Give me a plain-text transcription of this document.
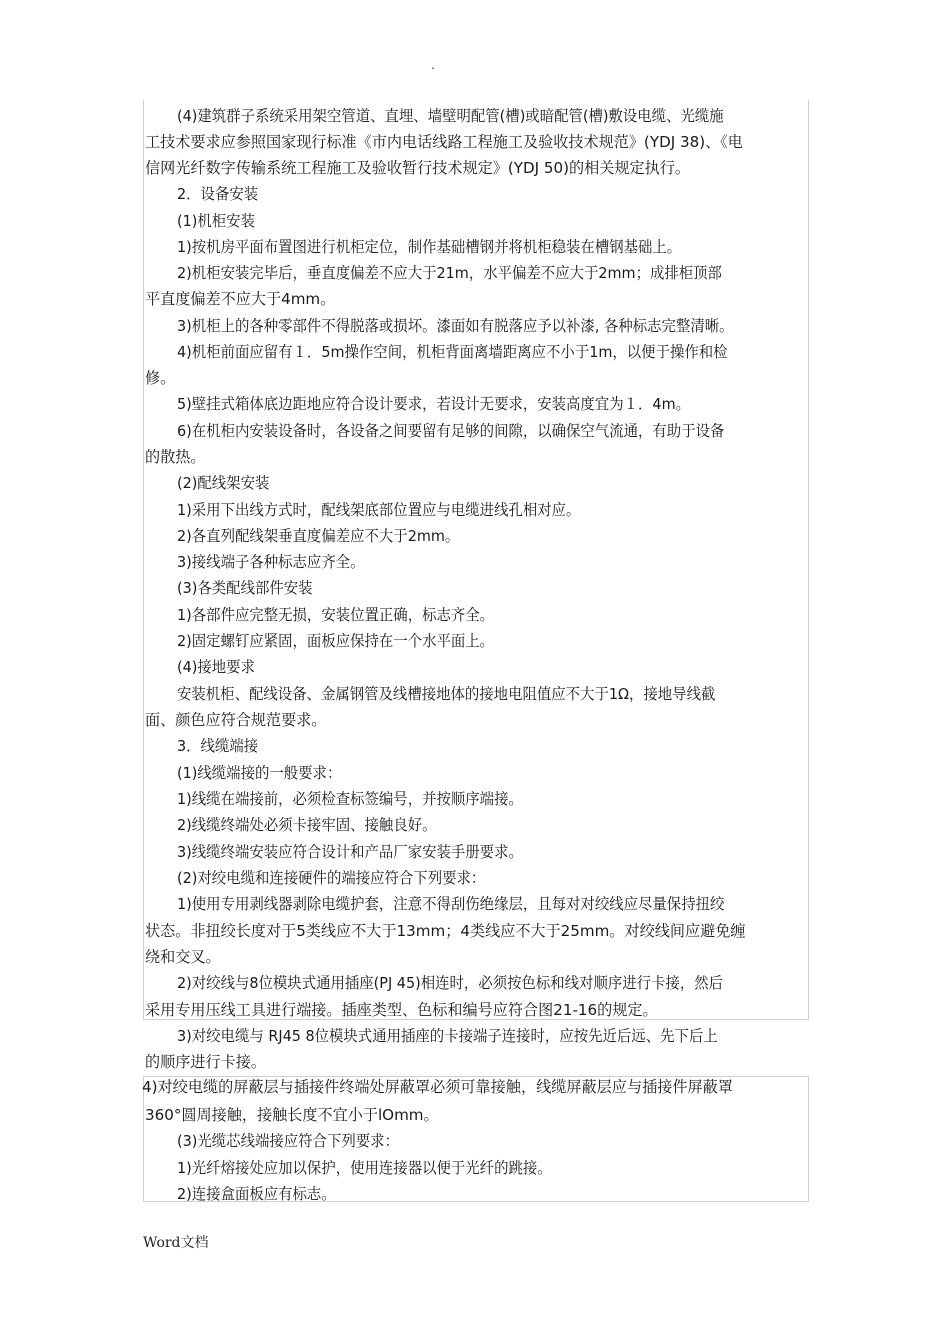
.
(4)建筑群子系统采用架空管道、直埋、墙壁明配管(槽)或暗配管(槽)敷设电缆、光缆施
工技术要求应参照国家现行标准《市内电话线路工程施工及验收技术规范》(YDJ 38)、《电
信网光纤数字传输系统工程施工及验收暂行技术规定》(YDJ 50)的相关规定执行。
2．设备安装
(1)机柜安装
1)按机房平面布置图进行机柜定位，制作基础槽钢并将机柜稳装在槽钢基础上。
2)机柜安装完毕后，垂直度偏差不应大于21m，水平偏差不应大于2mm；成排柜顶部
平直度偏差不应大于4mm。
3)机柜上的各种零部件不得脱落或损坏。漆面如有脱落应予以补漆, 各种标志完整清晰。
4)机柜前面应留有１．5m操作空间，机柜背面离墙距离应不小于1m，以便于操作和检
修。
5)壁挂式箱体底边距地应符合设计要求，若设计无要求，安装高度宜为１．4m。
6)在机柜内安装设备时，各设备之间要留有足够的间隙，以确保空气流通，有助于设备
的散热。
(2)配线架安装
1)采用下出线方式时，配线架底部位置应与电缆进线孔相对应。
2)各直列配线架垂直度偏差应不大于2mm。
3)接线端子各种标志应齐全。
(3)各类配线部件安装
1)各部件应完整无损，安装位置正确，标志齐全。
2)固定螺钉应紧固，面板应保持在一个水平面上。
(4)接地要求
安装机柜、配线设备、金属钢管及线槽接地体的接地电阻值应不大于1Ω，接地导线截
面、颜色应符合规范要求。
3．线缆端接
(1)线缆端接的一般要求：
1)线缆在端接前，必须检查标签编号，并按顺序端接。
2)线缆终端处必须卡接牢固、接触良好。
3)线缆终端安装应符合设计和产品厂家安装手册要求。
(2)对绞电缆和连接硬件的端接应符合下列要求：
1)使用专用剥线器剥除电缆护套，注意不得刮伤绝缘层，且每对对绞线应尽量保持扭绞
状态。非扭绞长度对于5类线应不大于13mm；4类线应不大于25mm。对绞线间应避免缠
绕和交叉。
2)对绞线与8位模块式通用插座(PJ 45)相连时，必须按色标和线对顺序进行卡接，然后
采用专用压线工具进行端接。插座类型、色标和编号应符合图21-16的规定。
3)对绞电缆与 RJ45 8位模块式通用插座的卡接端子连接时，应按先近后远、先下后上
的顺序进行卡接。
4)对绞电缆的屏蔽层与插接件终端处屏蔽罩必须可靠接触，线缆屏蔽层应与插接件屏蔽罩
360°圆周接触，接触长度不宜小于lOmm。
(3)光缆芯线端接应符合下列要求：
1)光纤熔接处应加以保护，使用连接器以便于光纤的跳接。
2)连接盒面板应有标志。
Word文档
